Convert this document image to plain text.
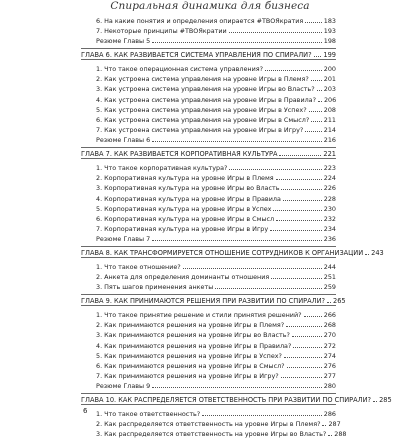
Спиральная динамика для бизнеса
6. На какие понятия и определения опирается #ТВОЯкратия	183
7. Некоторые принципы #ТВОЯкратии	193
Резюме Главы 5	198
ГЛАВА 6. КАК РАЗВИВАЕТСЯ СИСТЕМА УПРАВЛЕНИЯ ПО СПИРАЛИ? 199
1. Что такое операционная система управления?	200
2. Как устроена система управления на уровне Игры в Племя? 201
3. Как устроена система управления на уровне Игры во Власть? 203
4. Как устроена система управления на уровне Игры в Правила? 206
5. Как устроена система управления на уровне Игры в Успех?	208
6. Как устроена система управления на уровне Игры в Смысл? 211
7. Как устроена система управления на уровне Игры в Игру?	214
Резюме Главы 6	216
ГЛАВА 7. КАК РАЗВИВАЕТСЯ КОРПОРАТИВНАЯ КУЛЬТУРА	221
1. Что такое корпоративная культура?	223
2. Корпоративная культура на уровне Игры в Племя	224
3. Корпоративная культура на уровне Игры во Власть	226
4. Корпоративная культура на уровне Игры в Правила	228
5. Корпоративная культура на уровне Игры в Успех	230
6. Корпоративная культура на уровне Игры в Смысл	232
7. Корпоративная культура на уровне Игры в Игру	234
Резюме Главы 7	236
ГЛАВА 8. КАК ТРАНСФОРМИРУЕТСЯ ОТНОШЕНИЕ СОТРУДНИКОВ К ОРГАНИЗАЦИИ 243
1. Что такое отношение?	244
2. Анкета для определения доминанты отношения	251
3. Пять шагов применения анкеты	259
ГЛАВА 9. КАК ПРИНИМАЮТСЯ РЕШЕНИЯ ПРИ РАЗВИТИИ ПО СПИРАЛИ? 265
1. Что такое принятие решение и стили принятия решений?	266
2. Как принимаются решения на уровне Игры в Племя?	268
3. Как принимаются решения на уровне Игры во Власть?	270
4. Как принимаются решения на уровне Игры в Правила?	272
5. Как принимаются решения на уровне Игры в Успех?	274
6. Как принимаются решения на уровне Игры в Смысл?	276
7. Как принимаются решения на уровне Игры в Игру?	277
Резюме Главы 9	280
ГЛАВА 10. КАК РАСПРЕДЕЛЯЕТСЯ ОТВЕТСТВЕННОСТЬ ПРИ РАЗВИТИИ ПО СПИРАЛИ? 285
1. Что такое ответственность?	286
2. Как распределяется ответственность на уровне Игры в Племя? 287
3. Как распределяется ответственность на уровне Игры во Власть? 288
6
